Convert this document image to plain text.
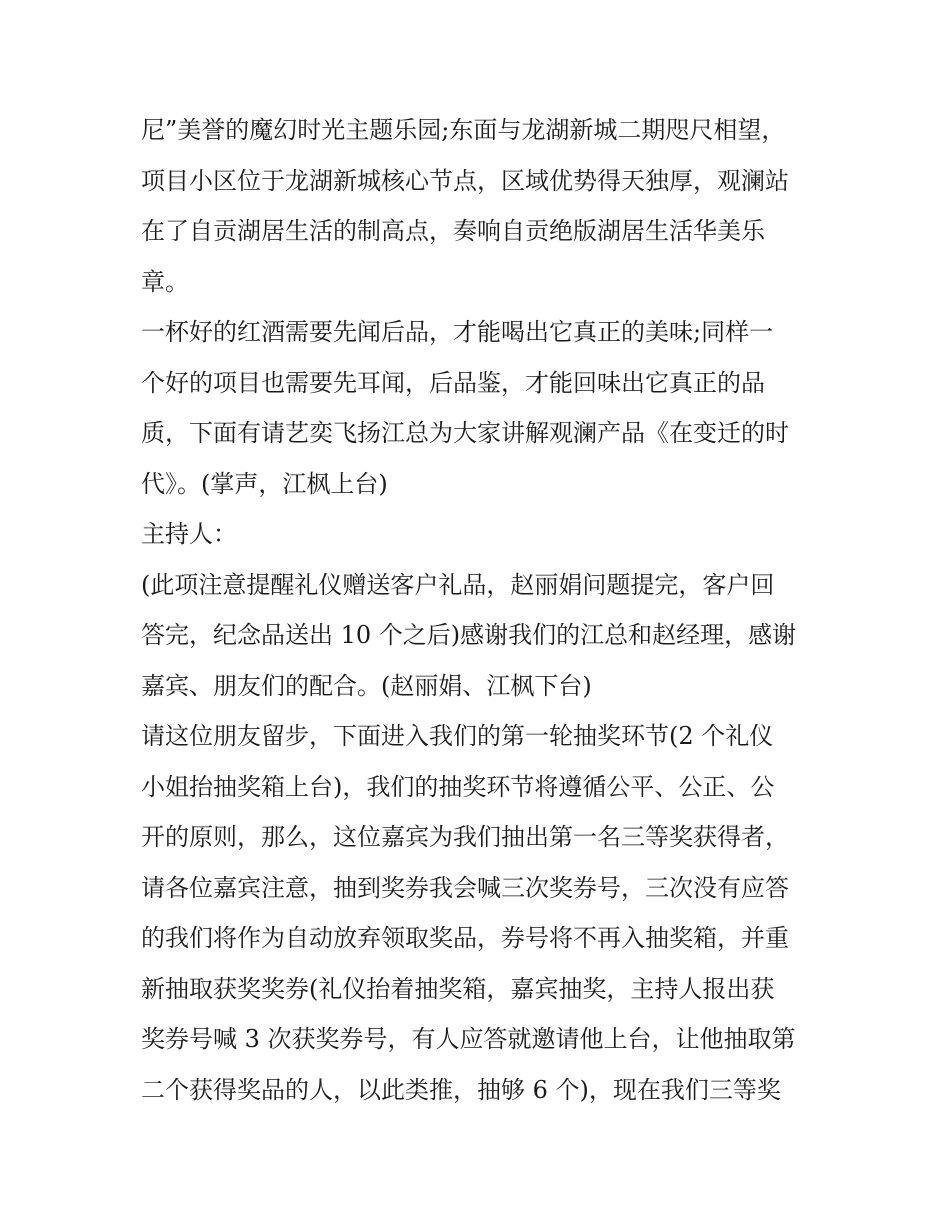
尼”美誉的魔幻时光主题乐园;东面与龙湖新城二期咫尺相望，
项目小区位于龙湖新城核心节点，区域优势得天独厚，观澜站
在了自贡湖居生活的制高点，奏响自贡绝版湖居生活华美乐
章。
一杯好的红酒需要先闻后品，才能喝出它真正的美味;同样一
个好的项目也需要先耳闻，后品鉴，才能回味出它真正的品
质，下面有请艺奕飞扬江总为大家讲解观澜产品《在变迁的时
代》。(掌声，江枫上台)
主持人：
(此项注意提醒礼仪赠送客户礼品，赵丽娟问题提完，客户回
答完，纪念品送出 10 个之后)感谢我们的江总和赵经理，感谢
嘉宾、朋友们的配合。(赵丽娟、江枫下台)
请这位朋友留步，下面进入我们的第一轮抽奖环节(2 个礼仪
小姐抬抽奖箱上台)，我们的抽奖环节将遵循公平、公正、公
开的原则，那么，这位嘉宾为我们抽出第一名三等奖获得者，
请各位嘉宾注意，抽到奖券我会喊三次奖券号，三次没有应答
的我们将作为自动放弃领取奖品，券号将不再入抽奖箱，并重
新抽取获奖奖券(礼仪抬着抽奖箱，嘉宾抽奖，主持人报出获
奖券号喊 3 次获奖券号，有人应答就邀请他上台，让他抽取第
二个获得奖品的人，以此类推，抽够 6 个)，现在我们三等奖
